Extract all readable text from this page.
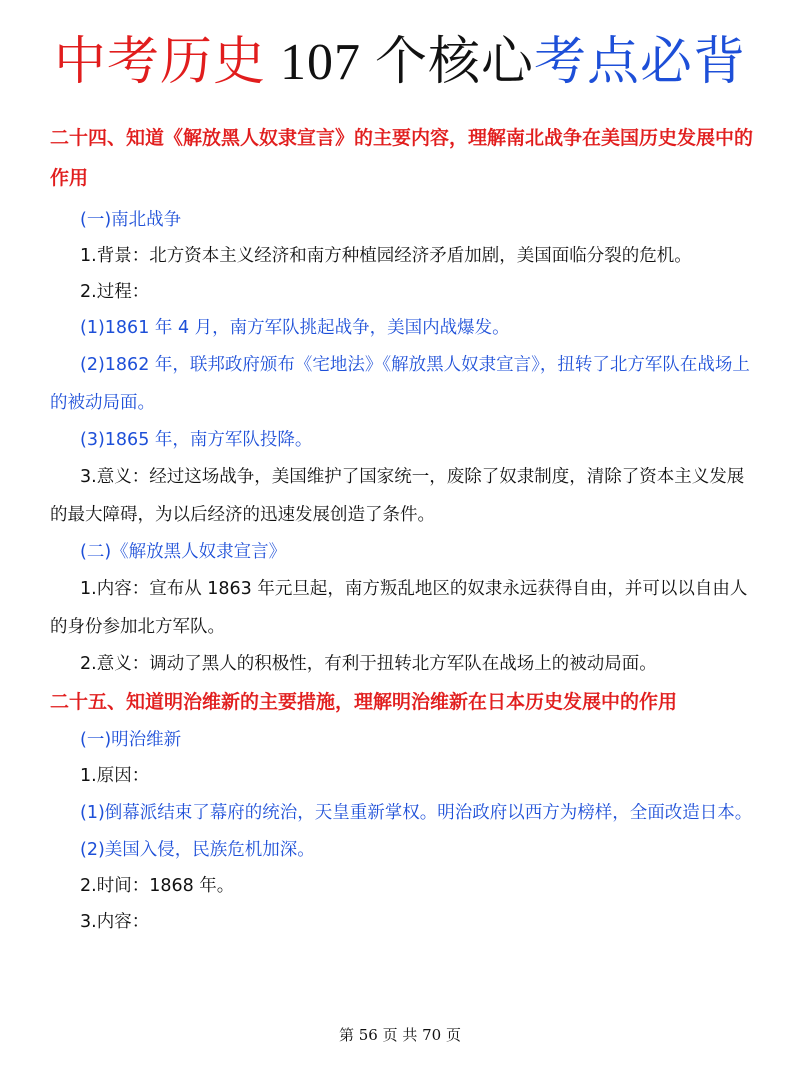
中考历史 107 个核心考点必背
二十四、知道《解放黑人奴隶宣言》的主要内容，理解南北战争在美国历史发展中的作用
(一)南北战争
1.背景：北方资本主义经济和南方种植园经济矛盾加剧，美国面临分裂的危机。
2.过程：
(1)1861 年 4 月，南方军队挑起战争，美国内战爆发。
(2)1862 年，联邦政府颁布《宅地法》《解放黑人奴隶宣言》，扭转了北方军队在战场上的被动局面。
(3)1865 年，南方军队投降。
3.意义：经过这场战争，美国维护了国家统一，废除了奴隶制度，清除了资本主义发展的最大障碍，为以后经济的迅速发展创造了条件。
(二)《解放黑人奴隶宣言》
1.内容：宣布从 1863 年元旦起，南方叛乱地区的奴隶永远获得自由，并可以以自由人的身份参加北方军队。
2.意义：调动了黑人的积极性，有利于扭转北方军队在战场上的被动局面。
二十五、知道明治维新的主要措施，理解明治维新在日本历史发展中的作用
(一)明治维新
1.原因：
(1)倒幕派结束了幕府的统治，天皇重新掌权。明治政府以西方为榜样，全面改造日本。
(2)美国入侵，民族危机加深。
2.时间：1868 年。
3.内容：
第 56 页 共 70 页
